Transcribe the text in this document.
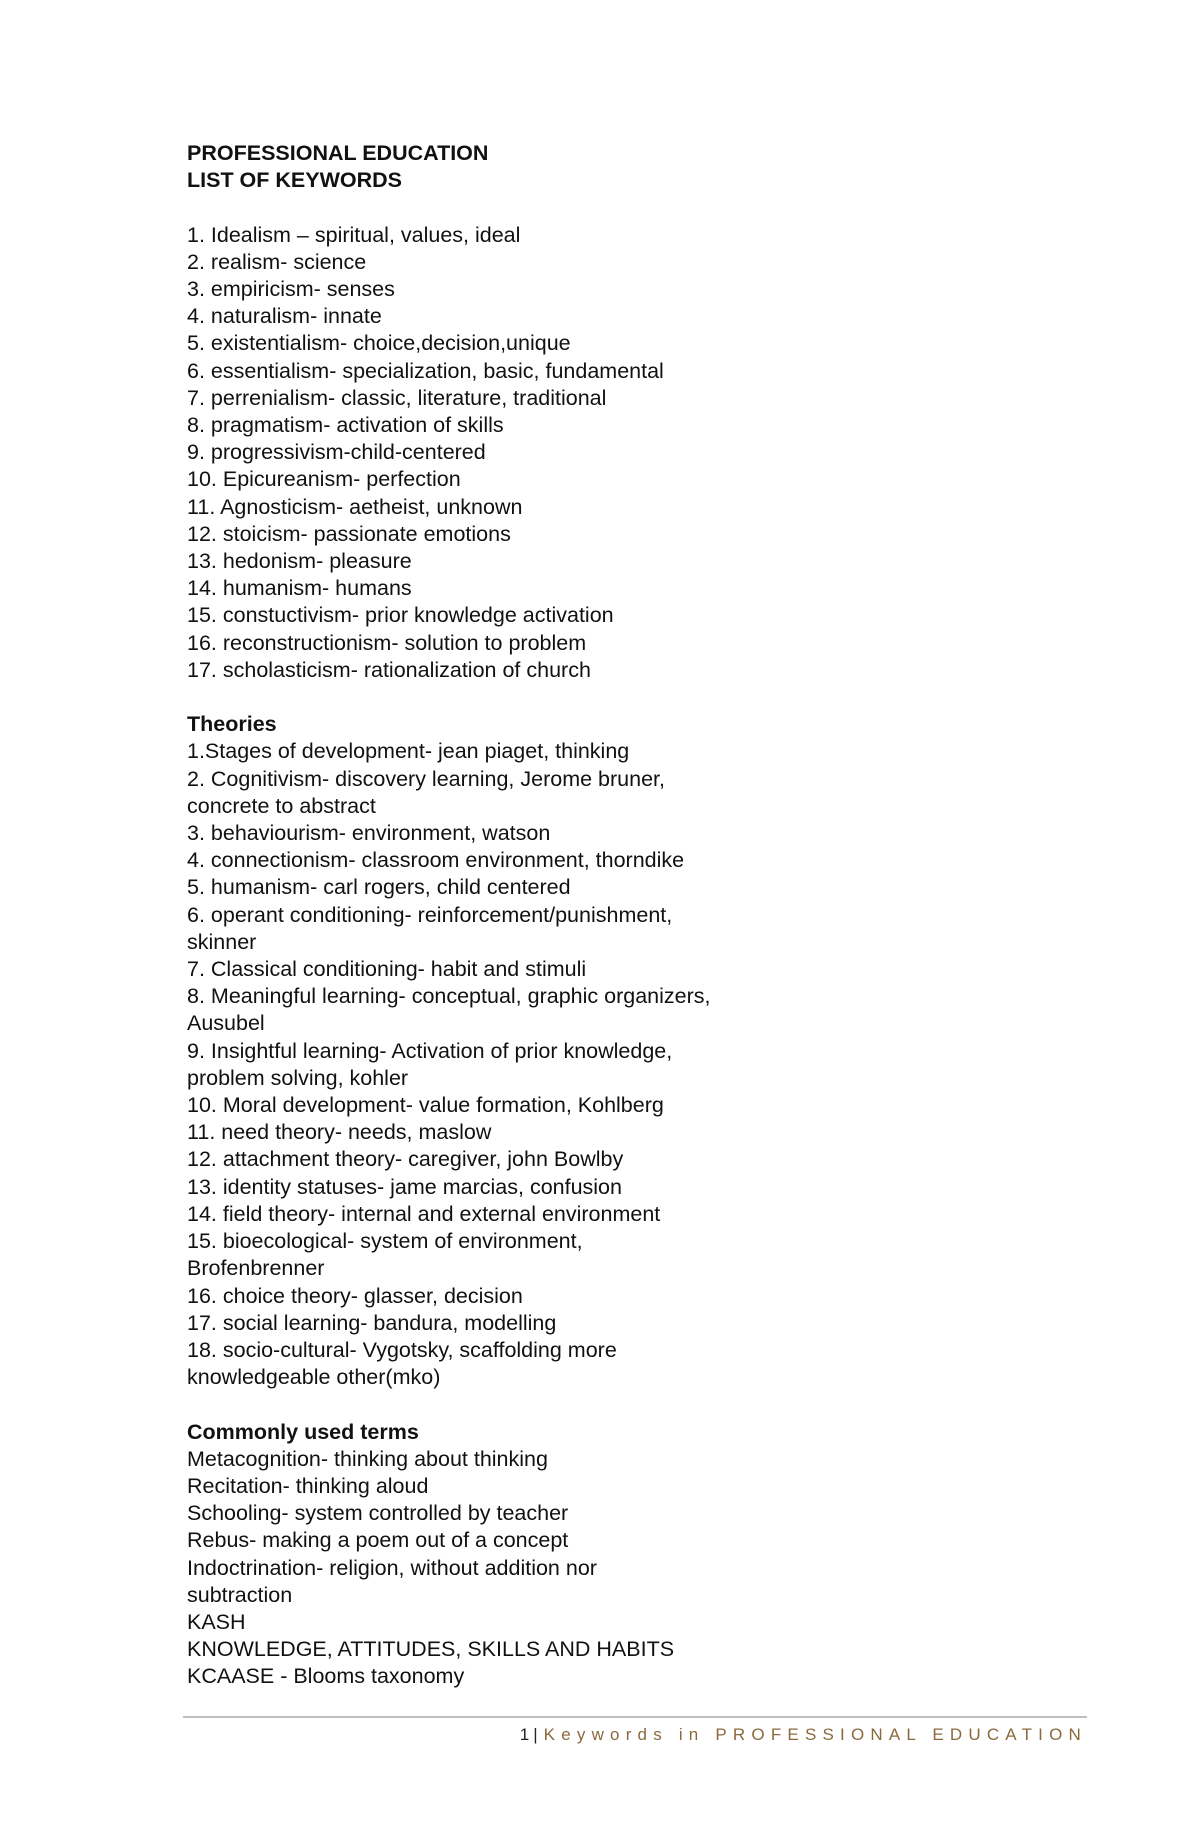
PROFESSIONAL EDUCATION
LIST OF KEYWORDS
1. Idealism – spiritual, values, ideal
2. realism- science
3. empiricism- senses
4. naturalism- innate
5. existentialism- choice,decision,unique
6. essentialism- specialization, basic, fundamental
7. perrenialism- classic, literature, traditional
8. pragmatism- activation of skills
9. progressivism-child-centered
10. Epicureanism- perfection
11. Agnosticism- aetheist, unknown
12. stoicism- passionate emotions
13. hedonism- pleasure
14. humanism- humans
15. constuctivism- prior knowledge activation
16. reconstructionism- solution to problem
17. scholasticism- rationalization of church
Theories
1.Stages of development- jean piaget, thinking
2. Cognitivism- discovery learning, Jerome bruner,
concrete to abstract
3. behaviourism- environment, watson
4. connectionism- classroom environment, thorndike
5. humanism- carl rogers, child centered
6. operant conditioning- reinforcement/punishment,
skinner
7. Classical conditioning- habit and stimuli
8. Meaningful learning- conceptual, graphic organizers,
Ausubel
9. Insightful learning- Activation of prior knowledge,
problem solving, kohler
10. Moral development- value formation, Kohlberg
11. need theory- needs, maslow
12. attachment theory- caregiver, john Bowlby
13. identity statuses- jame marcias, confusion
14. field theory- internal and external environment
15. bioecological- system of environment,
Brofenbrenner
16. choice theory- glasser, decision
17. social learning- bandura, modelling
18. socio-cultural- Vygotsky, scaffolding more
knowledgeable other(mko)
Commonly used terms
Metacognition- thinking about thinking
Recitation- thinking aloud
Schooling- system controlled by teacher
Rebus- making a poem out of a concept
Indoctrination- religion, without addition nor
subtraction
KASH
KNOWLEDGE, ATTITUDES, SKILLS AND HABITS
KCAASE - Blooms taxonomy
1 | Keywords in PROFESSIONAL EDUCATION
